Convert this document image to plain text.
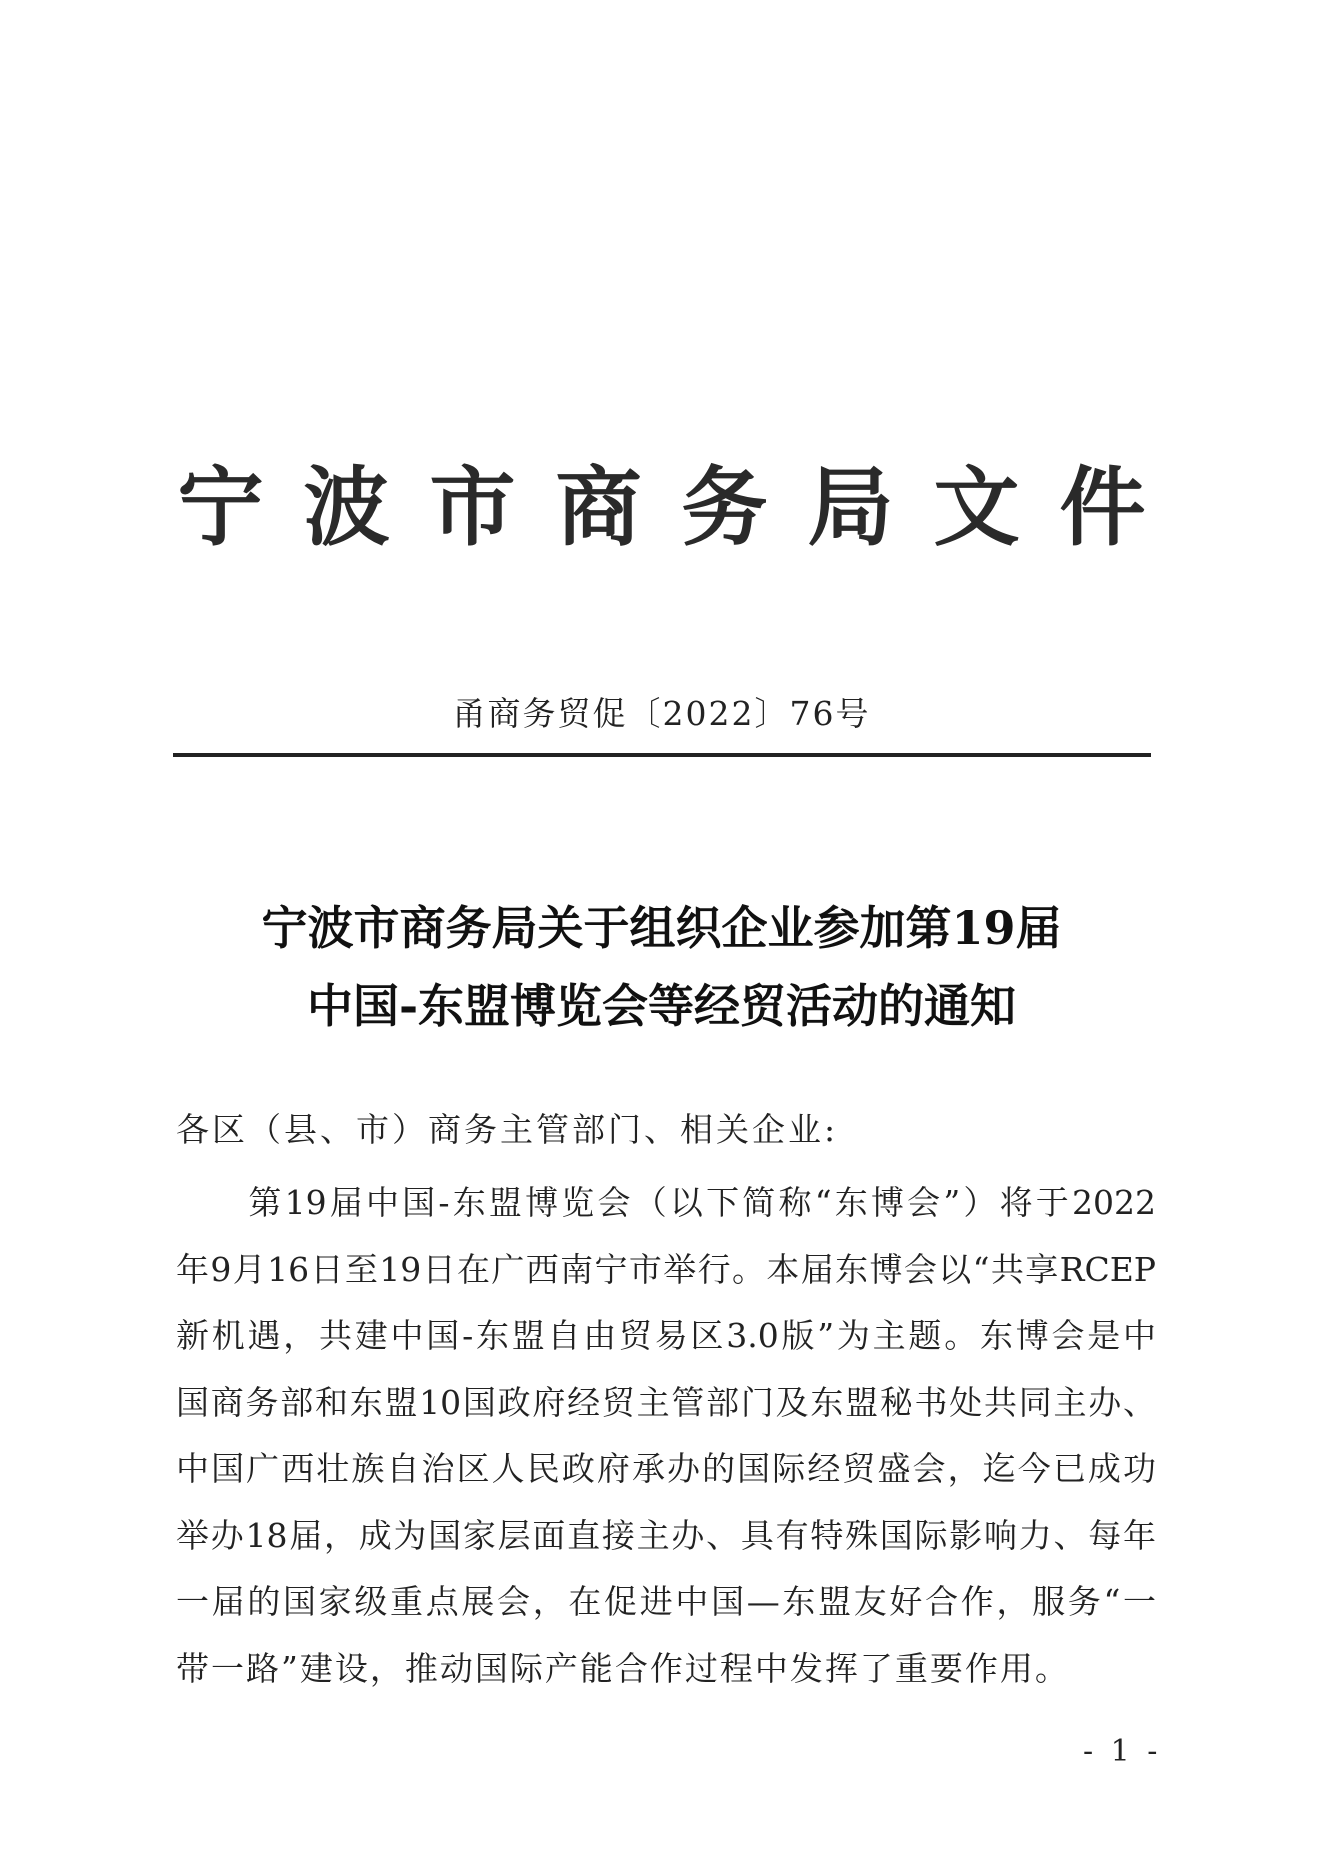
宁波市商务局文件
甬商务贸促〔2022〕76号
宁波市商务局关于组织企业参加第19届
中国-东盟博览会等经贸活动的通知
各区（县、市）商务主管部门、相关企业:
　　第19届中国-东盟博览会（以下简称“东博会”）将于2022
年9月16日至19日在广西南宁市举行。本届东博会以“共享RCEP
新机遇，共建中国-东盟自由贸易区3.0版”为主题。东博会是中
国商务部和东盟10国政府经贸主管部门及东盟秘书处共同主办、
中国广西壮族自治区人民政府承办的国际经贸盛会，迄今已成功
举办18届，成为国家层面直接主办、具有特殊国际影响力、每年
一届的国家级重点展会，在促进中国—东盟友好合作，服务“一
带一路”建设，推动国际产能合作过程中发挥了重要作用。
- 1 -
